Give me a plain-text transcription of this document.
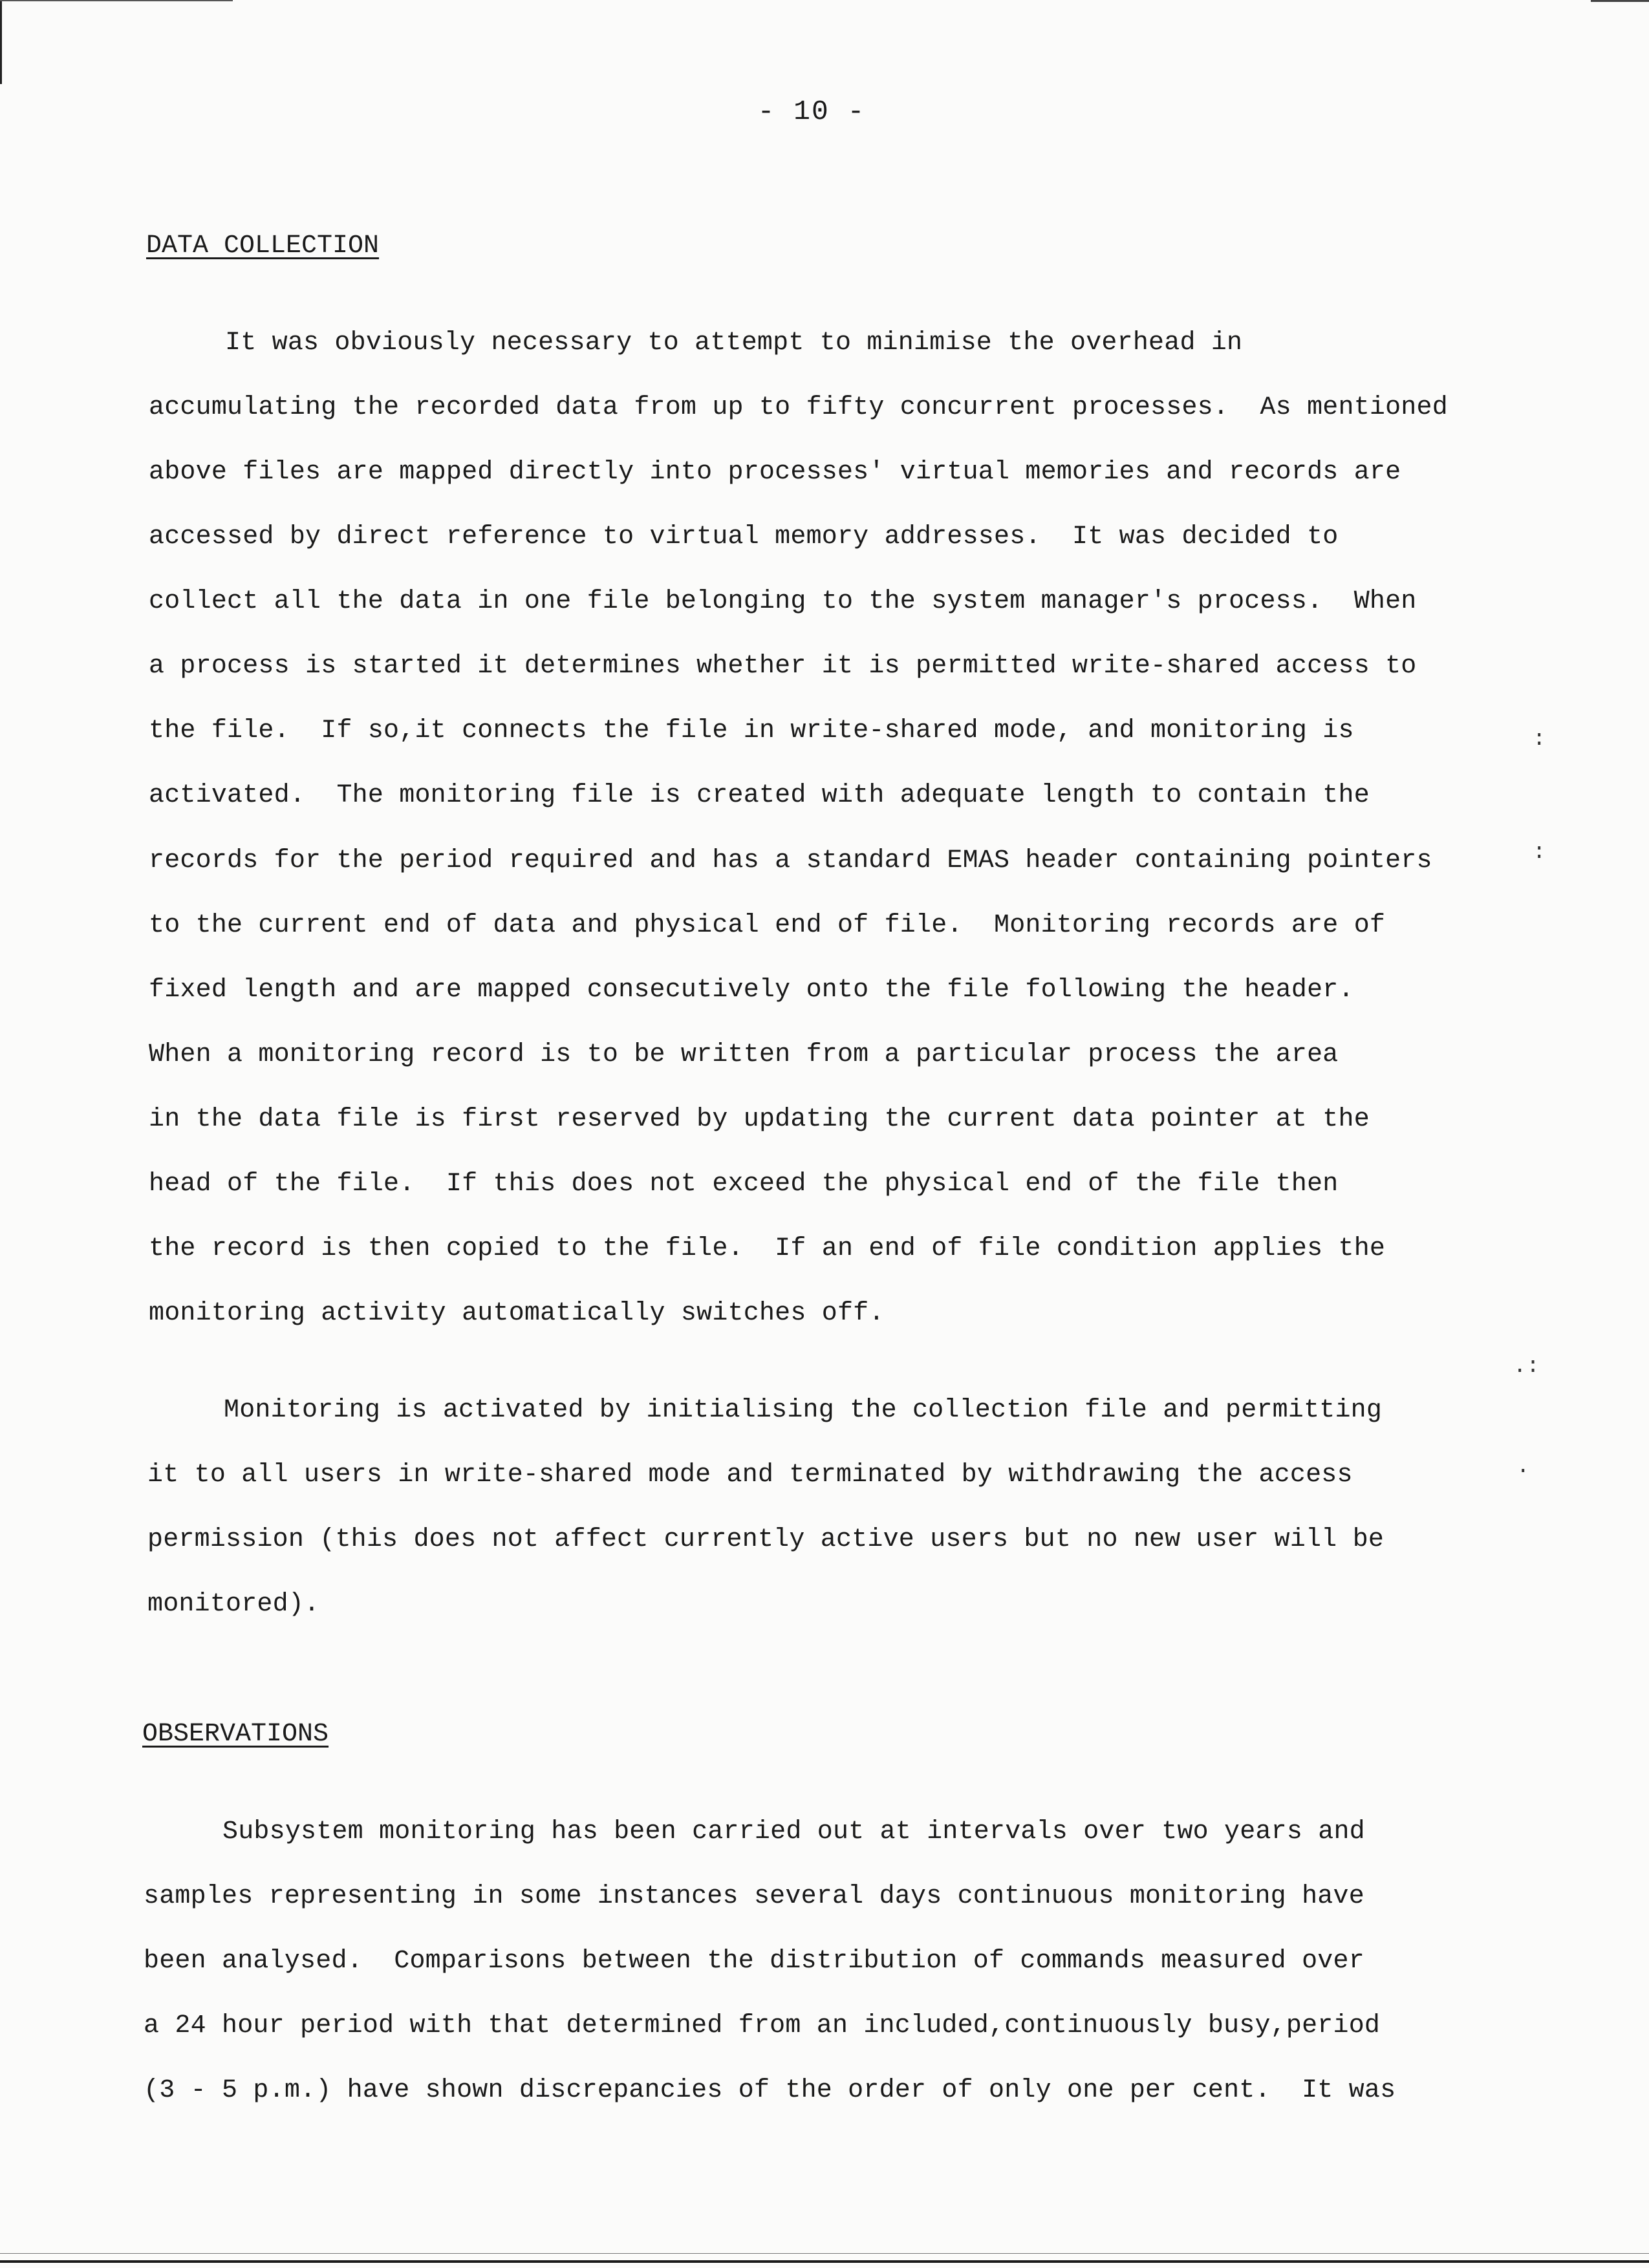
- 10 -
DATA COLLECTION
It was obviously necessary to attempt to minimise the overhead in
accumulating the recorded data from up to fifty concurrent processes.  As mentioned
above files are mapped directly into processes' virtual memories and records are
accessed by direct reference to virtual memory addresses.  It was decided to
collect all the data in one file belonging to the system manager's process.  When
a process is started it determines whether it is permitted write-shared access to
the file.  If so,it connects the file in write-shared mode, and monitoring is
activated.  The monitoring file is created with adequate length to contain the
records for the period required and has a standard EMAS header containing pointers
to the current end of data and physical end of file.  Monitoring records are of
fixed length and are mapped consecutively onto the file following the header.
When a monitoring record is to be written from a particular process the area
in the data file is first reserved by updating the current data pointer at the
head of the file.  If this does not exceed the physical end of the file then
the record is then copied to the file.  If an end of file condition applies the
monitoring activity automatically switches off.
Monitoring is activated by initialising the collection file and permitting
it to all users in write-shared mode and terminated by withdrawing the access
permission (this does not affect currently active users but no new user will be
monitored).
OBSERVATIONS
Subsystem monitoring has been carried out at intervals over two years and
samples representing in some instances several days continuous monitoring have
been analysed.  Comparisons between the distribution of commands measured over
a 24 hour period with that determined from an included,continuously busy,period
(3 - 5 p.m.) have shown discrepancies of the order of only one per cent.  It was
:
:
.:
.
